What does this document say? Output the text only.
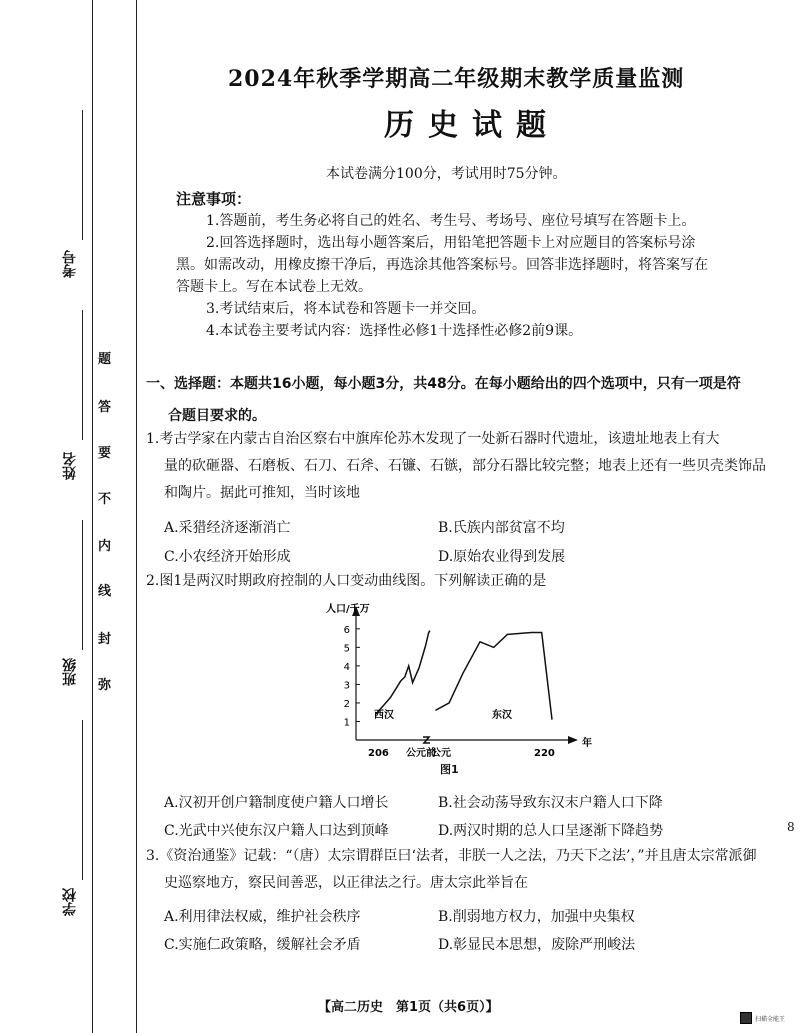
考号
姓名
班级
学校
弥
封
线
内
不
要
答
题
2024年秋季学期高二年级期末教学质量监测
历史试题
本试卷满分100分，考试用时75分钟。
注意事项：
1.答题前，考生务必将自己的姓名、考生号、考场号、座位号填写在答题卡上。
2.回答选择题时，选出每小题答案后，用铅笔把答题卡上对应题目的答案标号涂
黑。如需改动，用橡皮擦干净后，再选涂其他答案标号。回答非选择题时，将答案写在
答题卡上。写在本试卷上无效。
3.考试结束后，将本试卷和答题卡一并交回。
4.本试卷主要考试内容：选择性必修1十选择性必修2前9课。
一、选择题：本题共16小题，每小题3分，共48分。在每小题给出的四个选项中，只有一项是符
合题目要求的。
1.考古学家在内蒙古自治区察右中旗库伦苏木发现了一处新石器时代遗址，该遗址地表上有大
量的砍砸器、石磨板、石刀、石斧、石镰、石镞，部分石器比较完整；地表上还有一些贝壳类饰品
和陶片。据此可推知，当时该地
A.采猎经济逐渐消亡	B.氏族内部贫富不均
C.小农经济开始形成	D.原始农业得到发展
2.图1是两汉时期政府控制的人口变动曲线图。下列解读正确的是
人口/千万
年
1
2
3
4
5
6
206 公元前
公元	220
西汉	东汉
图1
A.汉初开创户籍制度使户籍人口增长	B.社会动荡导致东汉末户籍人口下降
C.光武中兴使东汉户籍人口达到顶峰	D.两汉时期的总人口呈逐渐下降趋势
3.《资治通鉴》记载：“（唐）太宗谓群臣曰‘法者，非朕一人之法，乃天下之法’，”并且唐太宗常派御
史巡察地方，察民间善恶，以正律法之行。唐太宗此举旨在
A.利用律法权威，维护社会秩序	B.削弱地方权力，加强中央集权
C.实施仁政策略，缓解社会矛盾	D.彰显民本思想，废除严刑峻法
【高二历史　第1页（共6页）】
8
扫描全能王
